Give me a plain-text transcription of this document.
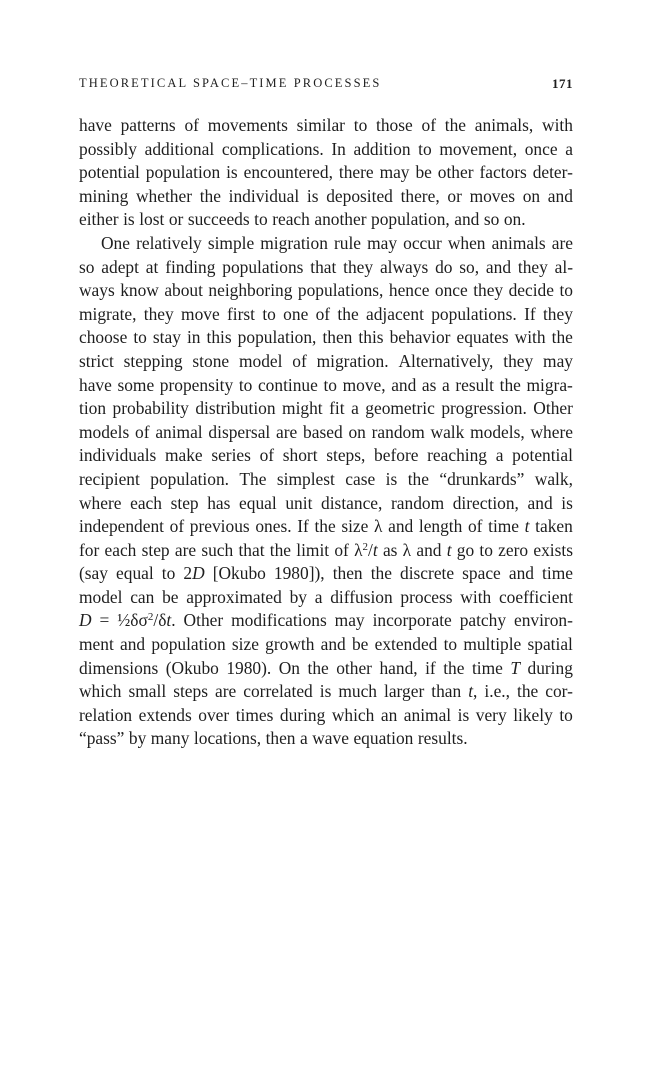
THEORETICAL SPACE–TIME PROCESSES	171
have patterns of movements similar to those of the animals, with
possibly additional complications. In addition to movement, once a
potential population is encountered, there may be other factors deter-
mining whether the individual is deposited there, or moves on and
either is lost or succeeds to reach another population, and so on.
One relatively simple migration rule may occur when animals are
so adept at finding populations that they always do so, and they al-
ways know about neighboring populations, hence once they decide to
migrate, they move first to one of the adjacent populations. If they
choose to stay in this population, then this behavior equates with the
strict stepping stone model of migration. Alternatively, they may
have some propensity to continue to move, and as a result the migra-
tion probability distribution might fit a geometric progression. Other
models of animal dispersal are based on random walk models, where
individuals make series of short steps, before reaching a potential
recipient population. The simplest case is the “drunkards” walk,
where each step has equal unit distance, random direction, and is
independent of previous ones. If the size λ and length of time t taken
for each step are such that the limit of $\lambda^2/t$ as λ and t go to zero exists
(say equal to 2D [Okubo 1980]), then the discrete space and time
model can be approximated by a diffusion process with coefficient
$D = \frac{1}{2}\delta\sigma^2/\delta t$. Other modifications may incorporate patchy environ-
ment and population size growth and be extended to multiple spatial
dimensions (Okubo 1980). On the other hand, if the time T during
which small steps are correlated is much larger than t, i.e., the cor-
relation extends over times during which an animal is very likely to
“pass” by many locations, then a wave equation results.
